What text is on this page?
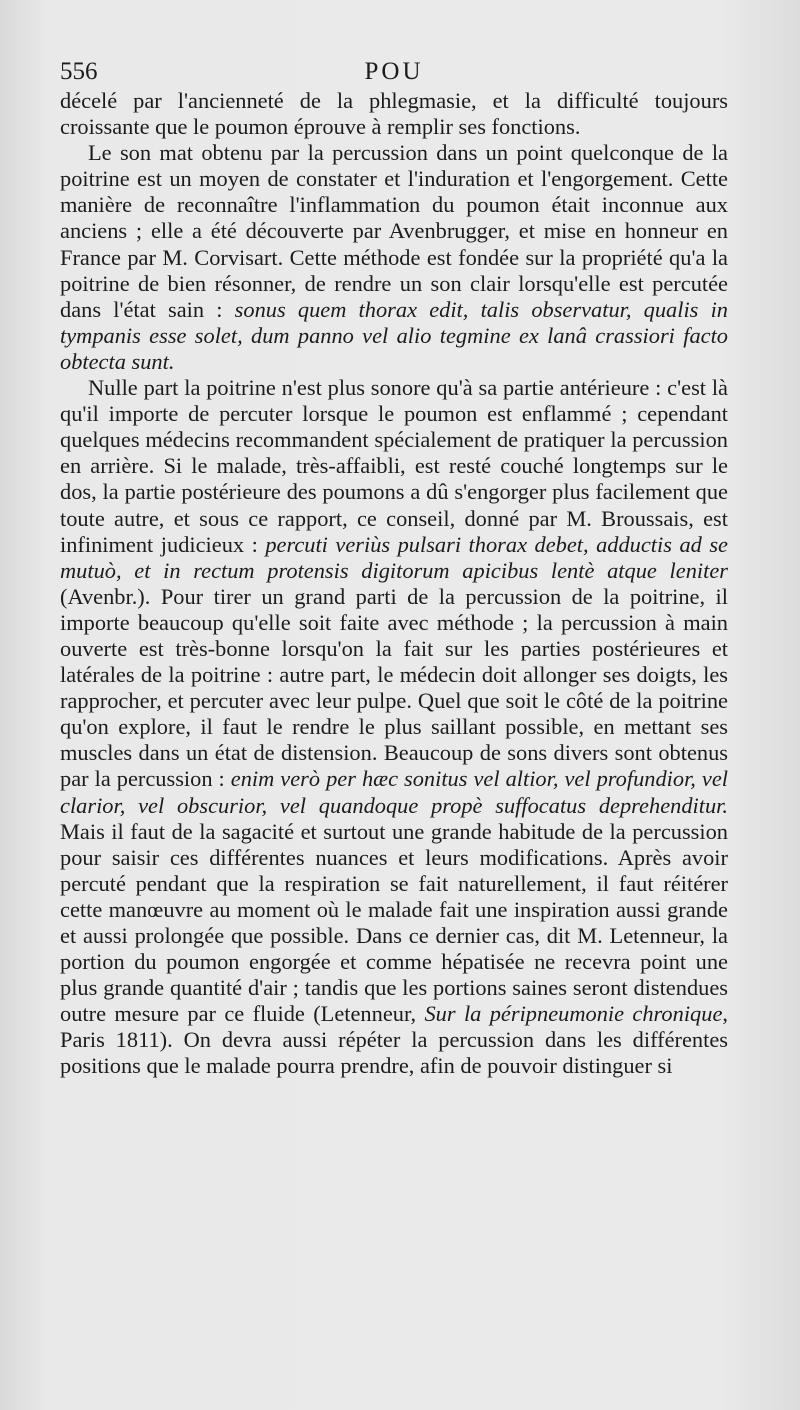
556	POU

décelé par l'ancienneté de la phlegmasie, et la difficulté toujours croissante que le poumon éprouve à remplir ses fonctions.

Le son mat obtenu par la percussion dans un point quelconque de la poitrine est un moyen de constater et l'induration et l'engorgement. Cette manière de reconnaître l'inflammation du poumon était inconnue aux anciens ; elle a été découverte par Avenbrugger, et mise en honneur en France par M. Corvisart. Cette méthode est fondée sur la propriété qu'a la poitrine de bien résonner, de rendre un son clair lorsqu'elle est percutée dans l'état sain : sonus quem thorax edit, talis observatur, qualis in tympanis esse solet, dum panno vel alio tegmine ex lanâ crassiori facto obtecta sunt.

Nulle part la poitrine n'est plus sonore qu'à sa partie antérieure : c'est là qu'il importe de percuter lorsque le poumon est enflammé ; cependant quelques médecins recommandent spécialement de pratiquer la percussion en arrière. Si le malade, très-affaibli, est resté couché longtemps sur le dos, la partie postérieure des poumons a dû s'engorger plus facilement que toute autre, et sous ce rapport, ce conseil, donné par M. Broussais, est infiniment judicieux : percuti veriùs pulsari thorax debet, adductis ad se mutuò, et in rectum protensis digitorum apicibus lentè atque leniter (Avenbr.). Pour tirer un grand parti de la percussion de la poitrine, il importe beaucoup qu'elle soit faite avec méthode ; la percussion à main ouverte est très-bonne lorsqu'on la fait sur les parties postérieures et latérales de la poitrine : autre part, le médecin doit allonger ses doigts, les rapprocher, et percuter avec leur pulpe. Quel que soit le côté de la poitrine qu'on explore, il faut le rendre le plus saillant possible, en mettant ses muscles dans un état de distension. Beaucoup de sons divers sont obtenus par la percussion : enim verò per hæc sonitus vel altior, vel profundior, vel clarior, vel obscurior, vel quandoque propè suffocatus deprehenditur. Mais il faut de la sagacité et surtout une grande habitude de la percussion pour saisir ces différentes nuances et leurs modifications. Après avoir percuté pendant que la respiration se fait naturellement, il faut réitérer cette manœuvre au moment où le malade fait une inspiration aussi grande et aussi prolongée que possible. Dans ce dernier cas, dit M. Letenneur, la portion du poumon engorgée et comme hépatisée ne recevra point une plus grande quantité d'air ; tandis que les portions saines seront distendues outre mesure par ce fluide (Letenneur, Sur la péripneumonie chronique, Paris 1811). On devra aussi répéter la percussion dans les différentes positions que le malade pourra prendre, afin de pouvoir distinguer si
